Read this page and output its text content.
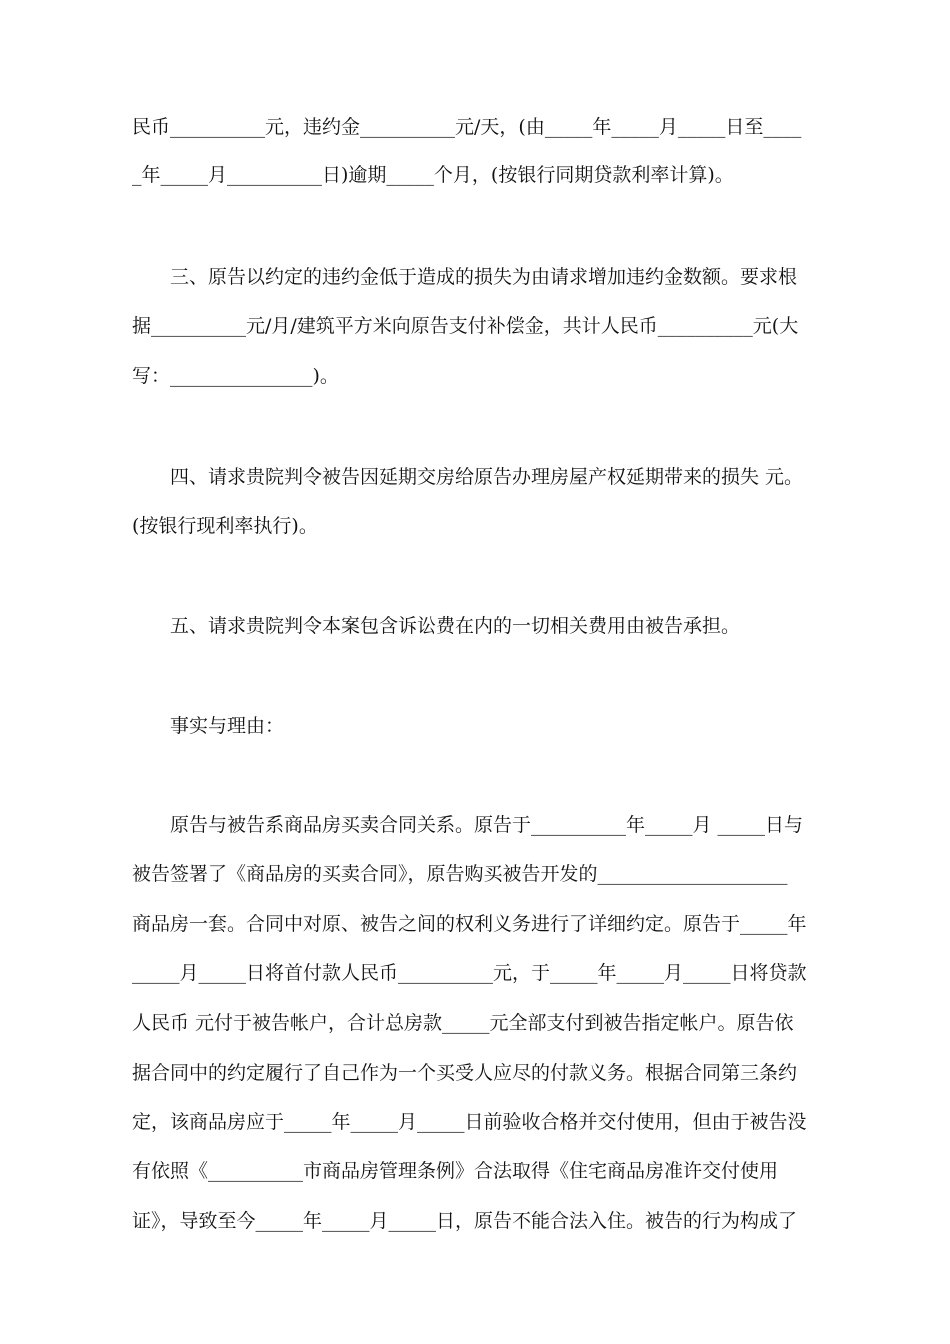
民币__________元，违约金__________元/天，(由_____年_____月_____日至____
_年_____月__________日)逾期_____个月，(按银行同期贷款利率计算)。
三、原告以约定的违约金低于造成的损失为由请求增加违约金数额。要求根
据__________元/月/建筑平方米向原告支付补偿金，共计人民币__________元(大
写：_______________)。
四、请求贵院判令被告因延期交房给原告办理房屋产权延期带来的损失 元。
(按银行现利率执行)。
五、请求贵院判令本案包含诉讼费在内的一切相关费用由被告承担。
事实与理由：
原告与被告系商品房买卖合同关系。原告于__________年_____月 _____日与
被告签署了《商品房的买卖合同》，原告购买被告开发的____________________
商品房一套。合同中对原、被告之间的权利义务进行了详细约定。原告于_____年
_____月_____日将首付款人民币__________元，于_____年_____月_____日将贷款
人民币 元付于被告帐户，合计总房款_____元全部支付到被告指定帐户。原告依
据合同中的约定履行了自己作为一个买受人应尽的付款义务。根据合同第三条约
定，该商品房应于_____年_____月_____日前验收合格并交付使用，但由于被告没
有依照《__________市商品房管理条例》合法取得《住宅商品房准许交付使用
证》，导致至今_____年_____月_____日，原告不能合法入住。被告的行为构成了
